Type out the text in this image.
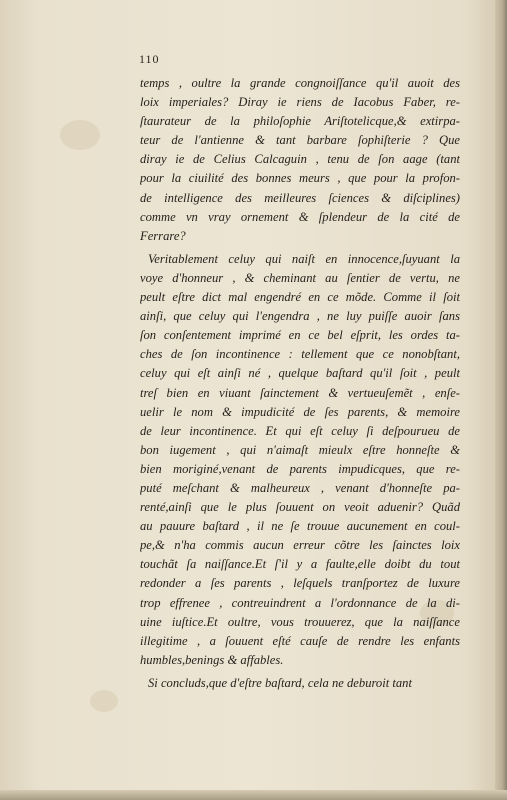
110
temps , oultre la grande congnoiſſance qu'il auoit des
loix imperiales? Diray ie riens de Iacobus Faber, re-
ſtaurateur de la philoſophie Ariſtotelicque,& extirpa-
teur de l'antienne & tant barbare ſophiſterie ? Que
diray ie de Celius Calcaguin , tenu de ſon aage (tant
pour la ciuilité des bonnes meurs , que pour la profon-
de intelligence des meilleures ſciences & diſciplines)
comme vn vray ornement & ſplendeur de la cité de
Ferrare?
Veritablement celuy qui naiſt en innocence,ſuyuant la
voye d'honneur , & cheminant au ſentier de vertu, ne
peult eſtre dict mal engendré en ce mõde. Comme il ſoit
ainſi, que celuy qui l'engendra , ne luy puiſſe auoir ſans
ſon conſentement imprimé en ce bel eſprit, les ordes ta-
ches de ſon incontinence : tellement que ce nonobſtant,
celuy qui eſt ainſi né , quelque baſtard qu'il ſoit , peult
treſ bien en viuant ſainctement & vertueuſemẽt , enſe-
uelir le nom & impudicité de ſes parents, & memoire
de leur incontinence. Et qui eſt celuy ſi deſpourueu de
bon iugement , qui n'aimaſt mieulx eſtre honneſte &
bien moriginé,venant de parents impudicques, que re-
puté meſchant & malheureux , venant d'honneſte pa-
renté,ainſi que le plus ſouuent on veoit aduenir? Quãd
au pauure baſtard , il ne ſe trouue aucunement en coul-
pe,& n'ha commis aucun erreur cõtre les ſainctes loix
touchãt ſa naiſſance.Et ſ'il y a faulte,elle doibt du tout
redonder a ſes parents , leſquels tranſportez de luxure
trop effrenee , contreuindrent a l'ordonnance de la di-
uine iuſtice.Et oultre, vous trouuerez, que la naiſſance
illegitime , a ſouuent eſté cauſe de rendre les enfants
humbles,benings & affables.
Si concluds,que d'eſtre baſtard, cela ne deburoit tant
